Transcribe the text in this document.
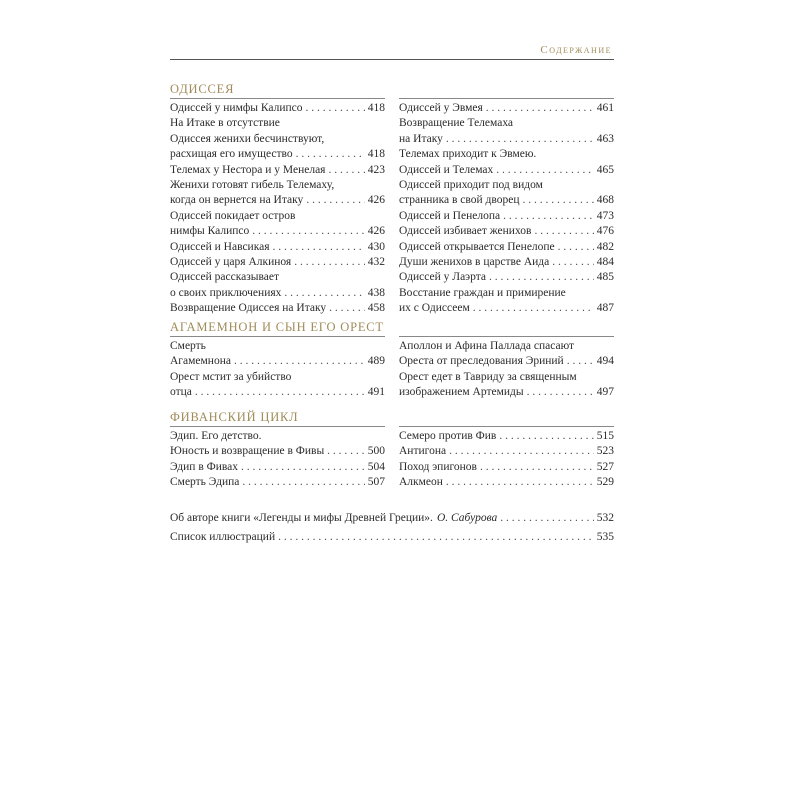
Содержание
ОДИССЕЯ
Одиссей у нимфы Калипсо . . .	418
На Итаке в отсутствие
Одиссея женихи бесчинствуют,
расхищая его имущество . . .	418
Телемах у Нестора и у Менелая . . .	423
Женихи готовят гибель Телемаху,
когда он вернется на Итаку . . .	426
Одиссей покидает остров
нимфы Калипсо . . .	426
Одиссей и Навсикая . . .	430
Одиссей у царя Алкиноя . . .	432
Одиссей рассказывает
о своих приключениях . . .	438
Возвращение Одиссея на Итаку . . .	458
Одиссей у Эвмея . . .	461
Возвращение Телемаха
на Итаку . . .	463
Телемах приходит к Эвмею.
Одиссей и Телемах . . .	465
Одиссей приходит под видом
странника в свой дворец . . .	468
Одиссей и Пенелопа . . .	473
Одиссей избивает женихов . . .	476
Одиссей открывается Пенелопе . . .	482
Души женихов в царстве Аида . . .	484
Одиссей у Лаэрта . . .	485
Восстание граждан и примирение
их с Одиссеем . . .	487
АГАМЕМНОН И СЫН ЕГО ОРЕСТ
Смерть
Агамемнона . . .	489
Орест мстит за убийство
отца . . .	491
Аполлон и Афина Паллада спасают
Ореста от преследования Эриний . . .	494
Орест едет в Тавриду за священным
изображением Артемиды . . .	497
ФИВАНСКИЙ ЦИКЛ
Эдип. Его детство.
Юность и возвращение в Фивы . . .	500
Эдип в Фивах . . .	504
Смерть Эдипа . . .	507
Семеро против Фив . . .	515
Антигона . . .	523
Поход эпигонов . . .	527
Алкмеон . . .	529
Об авторе книги «Легенды и мифы Древней Греции». О. Сабурова . . .	532
Список иллюстраций . . .	535
